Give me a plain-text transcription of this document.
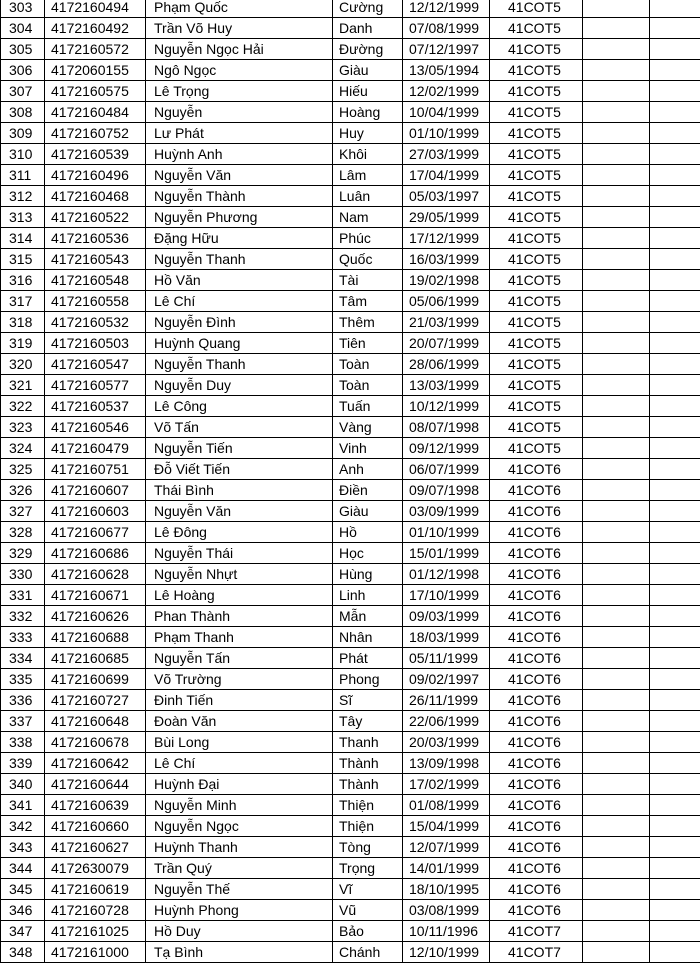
303	4172160494	Phạm Quốc	Cường	12/12/1999	41COT5		
304	4172160492	Trần Võ Huy	Danh	07/08/1999	41COT5		
305	4172160572	Nguyễn Ngọc Hải	Đường	07/12/1997	41COT5		
306	4172060155	Ngô Ngọc	Giàu	13/05/1994	41COT5		
307	4172160575	Lê Trọng	Hiếu	12/02/1999	41COT5		
308	4172160484	Nguyễn	Hoàng	10/04/1999	41COT5		
309	4172160752	Lư Phát	Huy	01/10/1999	41COT5		
310	4172160539	Huỳnh Anh	Khôi	27/03/1999	41COT5		
311	4172160496	Nguyễn Văn	Lâm	17/04/1999	41COT5		
312	4172160468	Nguyễn Thành	Luân	05/03/1997	41COT5		
313	4172160522	Nguyễn Phương	Nam	29/05/1999	41COT5		
314	4172160536	Đặng Hữu	Phúc	17/12/1999	41COT5		
315	4172160543	Nguyễn Thanh	Quốc	16/03/1999	41COT5		
316	4172160548	Hồ Văn	Tài	19/02/1998	41COT5		
317	4172160558	Lê Chí	Tâm	05/06/1999	41COT5		
318	4172160532	Nguyễn Đình	Thêm	21/03/1999	41COT5		
319	4172160503	Huỳnh Quang	Tiên	20/07/1999	41COT5		
320	4172160547	Nguyễn Thanh	Toàn	28/06/1999	41COT5		
321	4172160577	Nguyễn Duy	Toàn	13/03/1999	41COT5		
322	4172160537	Lê Công	Tuấn	10/12/1999	41COT5		
323	4172160546	Võ Tấn	Vàng	08/07/1998	41COT5		
324	4172160479	Nguyễn Tiến	Vinh	09/12/1999	41COT5		
325	4172160751	Đỗ Viết Tiến	Anh	06/07/1999	41COT6		
326	4172160607	Thái Bình	Điền	09/07/1998	41COT6		
327	4172160603	Nguyễn Văn	Giàu	03/09/1999	41COT6		
328	4172160677	Lê Đông	Hồ	01/10/1999	41COT6		
329	4172160686	Nguyễn Thái	Học	15/01/1999	41COT6		
330	4172160628	Nguyễn Nhựt	Hùng	01/12/1998	41COT6		
331	4172160671	Lê Hoàng	Linh	17/10/1999	41COT6		
332	4172160626	Phan Thành	Mẫn	09/03/1999	41COT6		
333	4172160688	Phạm Thanh	Nhân	18/03/1999	41COT6		
334	4172160685	Nguyễn Tấn	Phát	05/11/1999	41COT6		
335	4172160699	Võ Trường	Phong	09/02/1997	41COT6		
336	4172160727	Đinh Tiến	Sĩ	26/11/1999	41COT6		
337	4172160648	Đoàn Văn	Tây	22/06/1999	41COT6		
338	4172160678	Bùi Long	Thanh	20/03/1999	41COT6		
339	4172160642	Lê Chí	Thành	13/09/1998	41COT6		
340	4172160644	Huỳnh Đại	Thành	17/02/1999	41COT6		
341	4172160639	Nguyễn Minh	Thiện	01/08/1999	41COT6		
342	4172160660	Nguyễn Ngọc	Thiện	15/04/1999	41COT6		
343	4172160627	Huỳnh Thanh	Tòng	12/07/1999	41COT6		
344	4172630079	Trần Quý	Trọng	14/01/1999	41COT6		
345	4172160619	Nguyễn Thế	Vĩ	18/10/1995	41COT6		
346	4172160728	Huỳnh Phong	Vũ	03/08/1999	41COT6		
347	4172161025	Hồ Duy	Bảo	10/11/1996	41COT7		
348	4172161000	Tạ Bình	Chánh	12/10/1999	41COT7		
